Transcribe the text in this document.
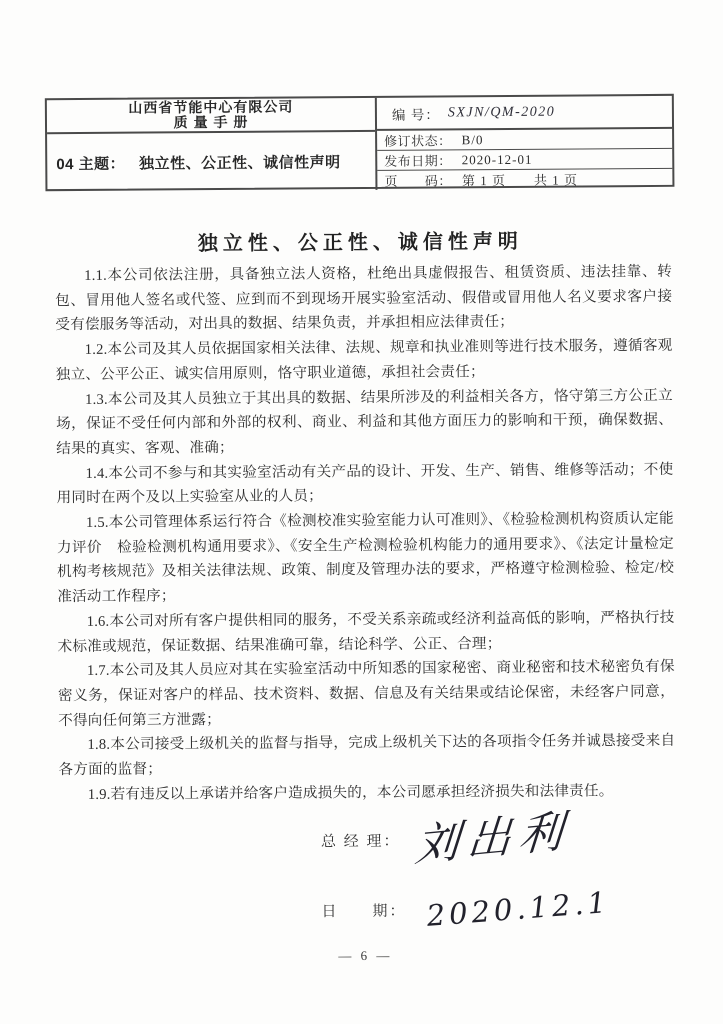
山西省节能中心有限公司
质 量 手 册
04 主题： 独立性、公正性、诚信性声明
编 号： SXJN/QM-2020
修订状态： B/0
发布日期： 2020-12-01
页　　码： 第 1 页　　共 1 页
独立性、公正性、诚信性声明

1.1.本公司依法注册，具备独立法人资格，杜绝出具虚假报告、租赁资质、违法挂靠、转包、冒用他人签名或代签、应到而不到现场开展实验室活动、假借或冒用他人名义要求客户接受有偿服务等活动，对出具的数据、结果负责，并承担相应法律责任；

1.2.本公司及其人员依据国家相关法律、法规、规章和执业准则等进行技术服务，遵循客观独立、公平公正、诚实信用原则，恪守职业道德，承担社会责任；

1.3.本公司及其人员独立于其出具的数据、结果所涉及的利益相关各方，恪守第三方公正立场，保证不受任何内部和外部的权利、商业、利益和其他方面压力的影响和干预，确保数据、结果的真实、客观、准确；

1.4.本公司不参与和其实验室活动有关产品的设计、开发、生产、销售、维修等活动；不使用同时在两个及以上实验室从业的人员；

1.5.本公司管理体系运行符合《检测校准实验室能力认可准则》、《检验检测机构资质认定能力评价　检验检测机构通用要求》、《安全生产检测检验机构能力的通用要求》、《法定计量检定机构考核规范》及相关法律法规、政策、制度及管理办法的要求，严格遵守检测检验、检定/校准活动工作程序；

1.6.本公司对所有客户提供相同的服务，不受关系亲疏或经济利益高低的影响，严格执行技术标准或规范，保证数据、结果准确可靠，结论科学、公正、合理；

1.7.本公司及其人员应对其在实验室活动中所知悉的国家秘密、商业秘密和技术秘密负有保密义务，保证对客户的样品、技术资料、数据、信息及有关结果或结论保密，未经客户同意，不得向任何第三方泄露；

1.8.本公司接受上级机关的监督与指导，完成上级机关下达的各项指令任务并诚恳接受来自各方面的监督；

1.9.若有违反以上承诺并给客户造成损失的，本公司愿承担经济损失和法律责任。

总 经 理： 刘出利
日　　期： 2020.12.1
— 6 —
